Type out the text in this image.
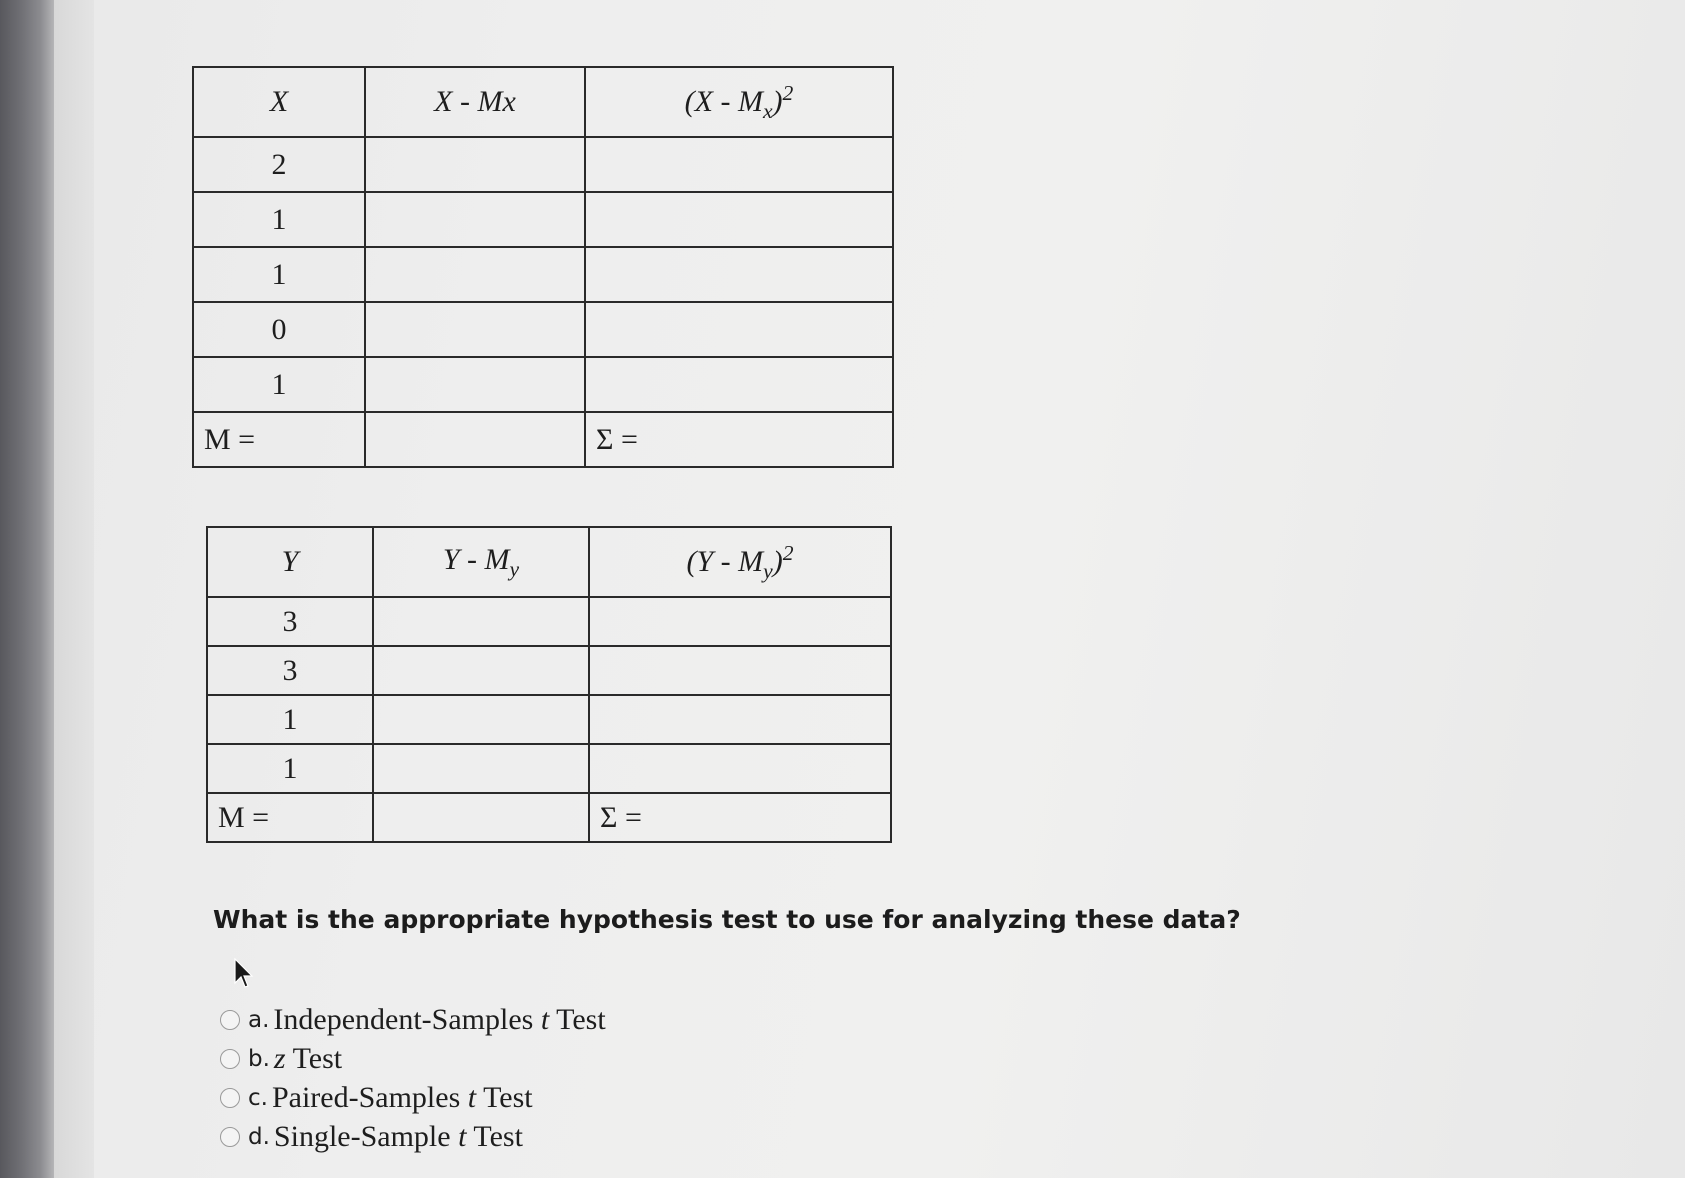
X	X - Mx	$(X - M_x)^2$
2		
1		
1		
0		
1		
M =		Σ =
Y	Y - $M_y$	$(Y - M_y)^2$
3		
3		
1		
1		
M =		Σ =
What is the appropriate hypothesis test to use for analyzing these data?
a. Independent-Samples t Test
b. z Test
c. Paired-Samples t Test
d. Single-Sample t Test
